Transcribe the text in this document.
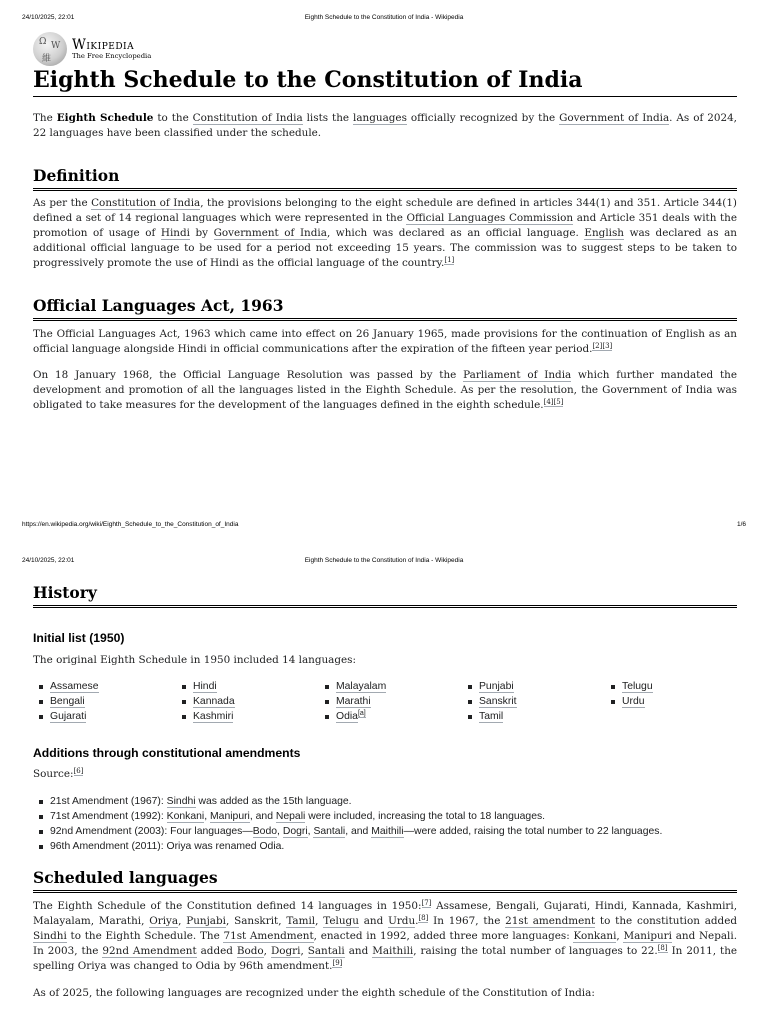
24/10/2025, 22:01	Eighth Schedule to the Constitution of India - Wikipedia
Ω W
維
Wikipedia
The Free Encyclopedia
Eighth Schedule to the Constitution of India

The Eighth Schedule to the Constitution of India lists the languages officially recognized by the Government of India. As of 2024, 22 languages have been classified under the schedule.

Definition

As per the Constitution of India, the provisions belonging to the eight schedule are defined in articles 344(1) and 351. Article 344(1) defined a set of 14 regional languages which were represented in the Official Languages Commission and Article 351 deals with the promotion of usage of Hindi by Government of India, which was declared as an official language. English was declared as an additional official language to be used for a period not exceeding 15 years. The commission was to suggest steps to be taken to progressively promote the use of Hindi as the official language of the country.[1]

Official Languages Act, 1963

The Official Languages Act, 1963 which came into effect on 26 January 1965, made provisions for the continuation of English as an official language alongside Hindi in official communications after the expiration of the fifteen year period.[2][3]

On 18 January 1968, the Official Language Resolution was passed by the Parliament of India which further mandated the development and promotion of all the languages listed in the Eighth Schedule. As per the resolution, the Government of India was obligated to take measures for the development of the languages defined in the eighth schedule.[4][5]

https://en.wikipedia.org/wiki/Eighth_Schedule_to_the_Constitution_of_India	1/6
24/10/2025, 22:01	Eighth Schedule to the Constitution of India - Wikipedia
History
Initial list (1950)

The original Eighth Schedule in 1950 included 14 languages:

Assamese	Hindi	Malayalam	Punjabi	Telugu
Bengali	Kannada	Marathi	Sanskrit	Urdu
Gujarati	Kashmiri	Odia[a]	Tamil
Additions through constitutional amendments

Source:[6]

21st Amendment (1967): Sindhi was added as the 15th language.
71st Amendment (1992): Konkani, Manipuri, and Nepali were included, increasing the total to 18 languages.
92nd Amendment (2003): Four languages—Bodo, Dogri, Santali, and Maithili—were added, raising the total number to 22 languages.
96th Amendment (2011): Oriya was renamed Odia.
Scheduled languages

The Eighth Schedule of the Constitution defined 14 languages in 1950:[7] Assamese, Bengali, Gujarati, Hindi, Kannada, Kashmiri, Malayalam, Marathi, Oriya, Punjabi, Sanskrit, Tamil, Telugu and Urdu.[8] In 1967, the 21st amendment to the constitution added Sindhi to the Eighth Schedule. The 71st Amendment, enacted in 1992, added three more languages: Konkani, Manipuri and Nepali. In 2003, the 92nd Amendment added Bodo, Dogri, Santali and Maithili, raising the total number of languages to 22.[8] In 2011, the spelling Oriya was changed to Odia by 96th amendment.[9]

As of 2025, the following languages are recognized under the eighth schedule of the Constitution of India:
